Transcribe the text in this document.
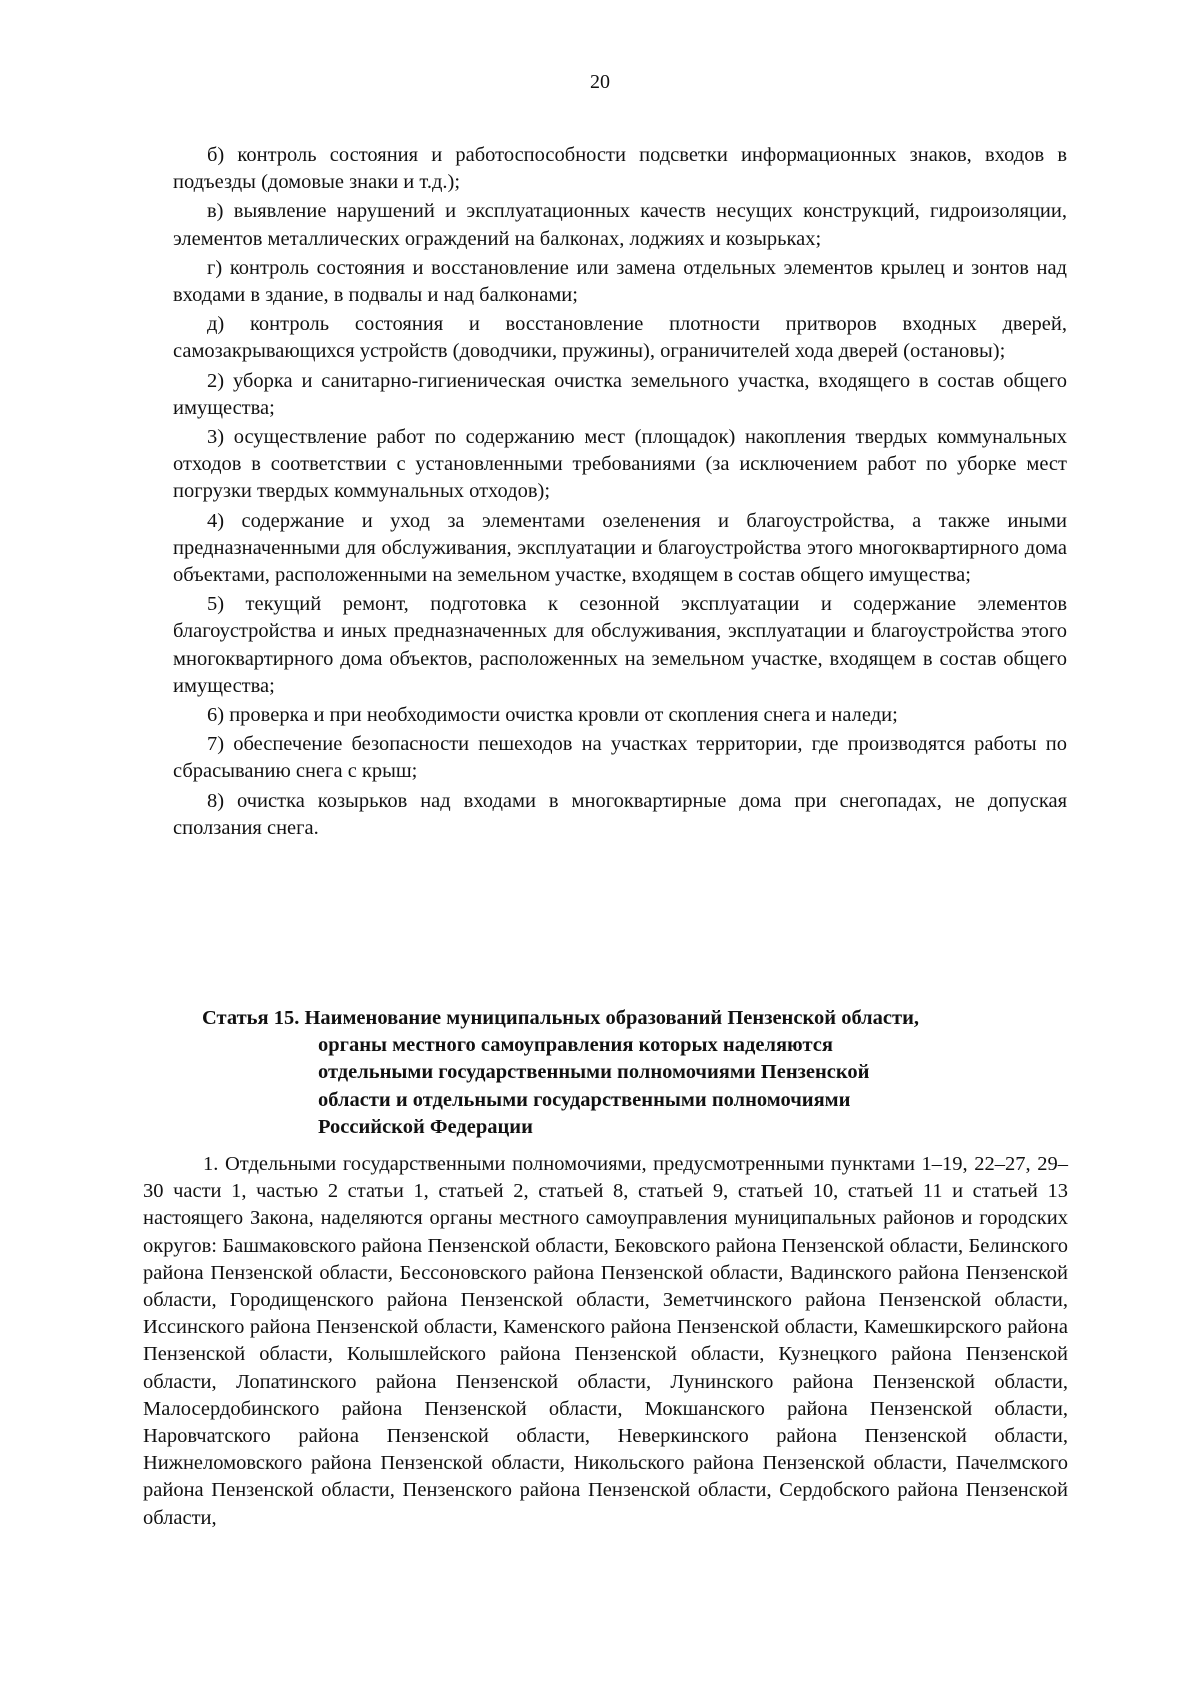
20

б) контроль состояния и работоспособности подсветки информационных знаков, входов в подъезды (домовые знаки и т.д.);

в) выявление нарушений и эксплуатационных качеств несущих конструкций, гидроизоляции, элементов металлических ограждений на балконах, лоджиях и козырьках;

г) контроль состояния и восстановление или замена отдельных элементов крылец и зонтов над входами в здание, в подвалы и над балконами;

д) контроль состояния и восстановление плотности притворов входных дверей, самозакрывающихся устройств (доводчики, пружины), ограничителей хода дверей (остановы);

2) уборка и санитарно-гигиеническая очистка земельного участка, входящего в состав общего имущества;

3) осуществление работ по содержанию мест (площадок) накопления твердых коммунальных отходов в соответствии с установленными требованиями (за исключением работ по уборке мест погрузки твердых коммунальных отходов);

4) содержание и уход за элементами озеленения и благоустройства, а также иными предназначенными для обслуживания, эксплуатации и благоустройства этого многоквартирного дома объектами, расположенными на земельном участке, входящем в состав общего имущества;

5) текущий ремонт, подготовка к сезонной эксплуатации и содержание элементов благоустройства и иных предназначенных для обслуживания, эксплуатации и благоустройства этого многоквартирного дома объектов, расположенных на земельном участке, входящем в состав общего имущества;

6) проверка и при необходимости очистка кровли от скопления снега и наледи;

7) обеспечение безопасности пешеходов на участках территории, где производятся работы по сбрасыванию снега с крыш;

8) очистка козырьков над входами в многоквартирные дома при снегопадах, не допуская сползания снега.

Статья 15. Наименование муниципальных образований Пензенской области,
органы местного самоуправления которых наделяются
отдельными государственными полномочиями Пензенской
области и отдельными государственными полномочиями
Российской Федерации

1. Отдельными государственными полномочиями, предусмотренными пунктами 1–19, 22–27, 29–30 части 1, частью 2 статьи 1, статьей 2, статьей 8, статьей 9, статьей 10, статьей 11 и статьей 13 настоящего Закона, наделяются органы местного самоуправления муниципальных районов и городских округов: Башмаковского района Пензенской области, Бековского района Пензенской области, Белинского района Пензенской области, Бессоновского района Пензенской области, Вадинского района Пензенской области, Городищенского района Пензенской области, Земетчинского района Пензенской области, Иссинского района Пензенской области, Каменского района Пензенской области, Камешкирского района Пензенской области, Колышлейского района Пензенской области, Кузнецкого района Пензенской области, Лопатинского района Пензенской области, Лунинского района Пензенской области, Малосердобинского района Пензенской области, Мокшанского района Пензенской области, Наровчатского района Пензенской области, Неверкинского района Пензенской области, Нижнеломовского района Пензенской области, Никольского района Пензенской области, Пачелмского района Пензенской области, Пензенского района Пензенской области, Сердобского района Пензенской области,
